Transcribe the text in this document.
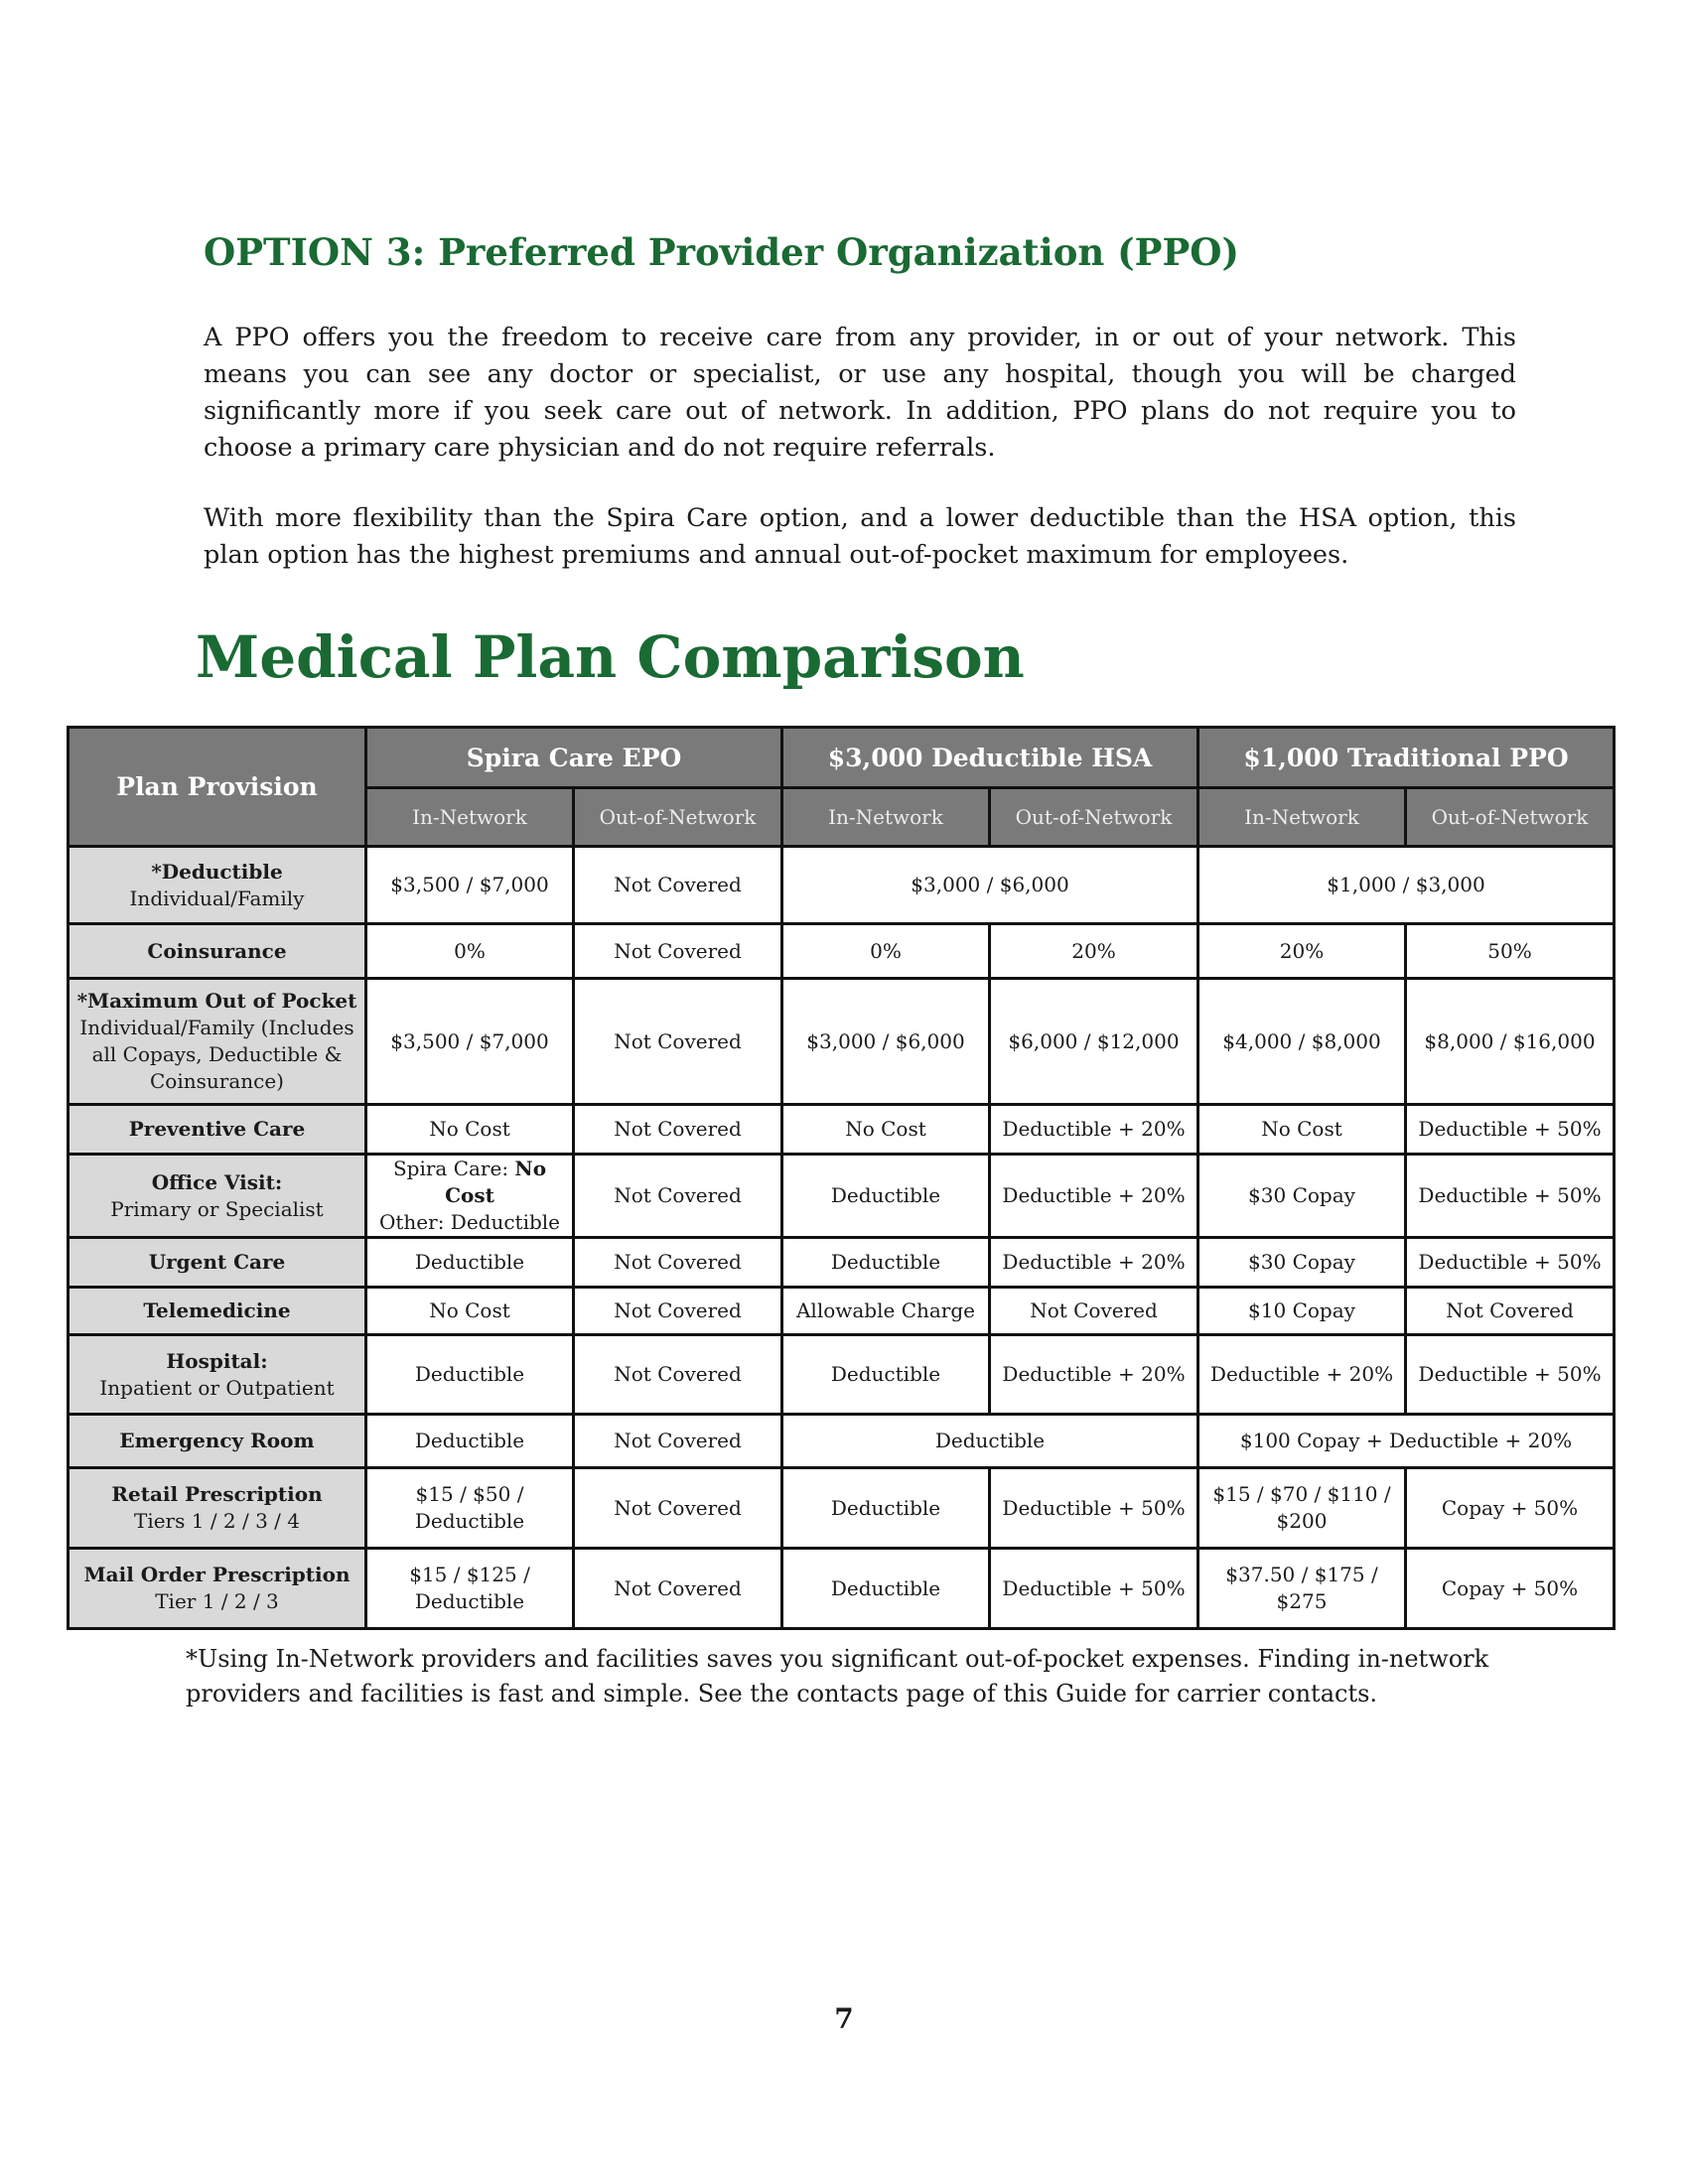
OPTION 3: Preferred Provider Organization (PPO)

A PPO offers you the freedom to receive care from any provider, in or out of your network. This means you can see any doctor or specialist, or use any hospital, though you will be charged significantly more if you seek care out of network. In addition, PPO plans do not require you to choose a primary care physician and do not require referrals.

With more flexibility than the Spira Care option, and a lower deductible than the HSA option, this plan option has the highest premiums and annual out-of-pocket maximum for employees.

Medical Plan Comparison
Plan Provision	Spira Care EPO		$3,000 Deductible HSA		$1,000 Traditional PPO	
	In-Network	Out-of-Network	In-Network	Out-of-Network	In-Network	Out-of-Network

*Deductible
Individual/Family	$3,500 / $7,000	Not Covered	$3,000 / $6,000		$1,000 / $3,000	

Coinsurance	0%	Not Covered	0%	20%	20%	50%

*Maximum Out of Pocket
Individual/Family (Includes all Copays, Deductible & Coinsurance)	$3,500 / $7,000	Not Covered	$3,000 / $6,000	$6,000 / $12,000	$4,000 / $8,000	$8,000 / $16,000

Preventive Care	No Cost	Not Covered	No Cost	Deductible + 20%	No Cost	Deductible + 50%

Office Visit:
Primary or Specialist	Spira Care: No Cost
Other: Deductible	Not Covered	Deductible	Deductible + 20%	$30 Copay	Deductible + 50%

Urgent Care	Deductible	Not Covered	Deductible	Deductible + 20%	$30 Copay	Deductible + 50%

Telemedicine	No Cost	Not Covered	Allowable Charge	Not Covered	$10 Copay	Not Covered

Hospital:
Inpatient or Outpatient	Deductible	Not Covered	Deductible	Deductible + 20%	Deductible + 20%	Deductible + 50%

Emergency Room	Deductible	Not Covered	Deductible		$100 Copay + Deductible + 20%	

Retail Prescription
Tiers 1 / 2 / 3 / 4	$15 / $50 / Deductible	Not Covered	Deductible	Deductible + 50%	$15 / $70 / $110 / $200	Copay + 50%

Mail Order Prescription
Tier 1 / 2 / 3	$15 / $125 / Deductible	Not Covered	Deductible	Deductible + 50%	$37.50 / $175 / $275	Copay + 50%

*Using In-Network providers and facilities saves you significant out-of-pocket expenses. Finding in-network providers and facilities is fast and simple. See the contacts page of this Guide for carrier contacts.

7
